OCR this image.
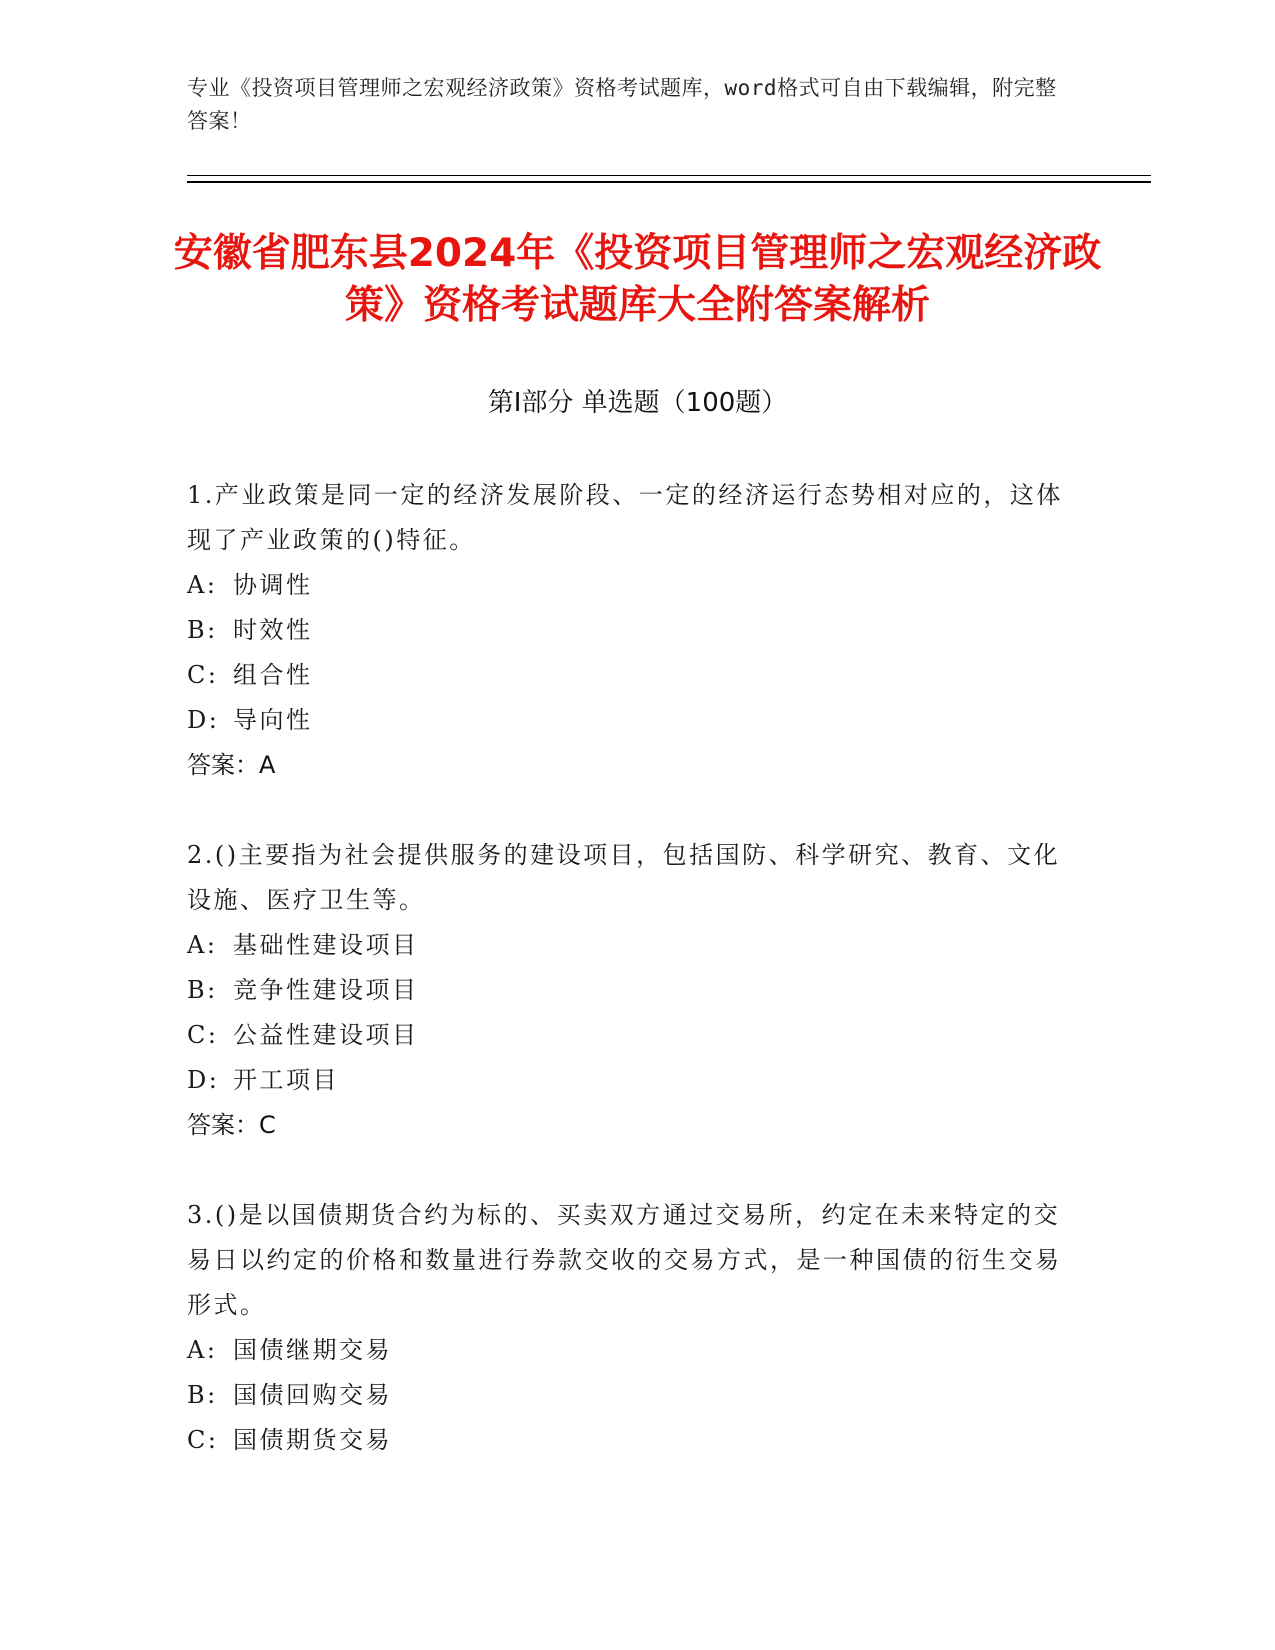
专业《投资项目管理师之宏观经济政策》资格考试题库，word格式可自由下载编辑，附完整答案！
安徽省肥东县2024年《投资项目管理师之宏观经济政策》资格考试题库大全附答案解析
第Ⅰ部分 单选题（100题）
1.产业政策是同一定的经济发展阶段、一定的经济运行态势相对应的，这体现了产业政策的()特征。
A: 协调性
B: 时效性
C: 组合性
D: 导向性
答案：A
2.()主要指为社会提供服务的建设项目，包括国防、科学研究、教育、文化设施、医疗卫生等。
A: 基础性建设项目
B: 竞争性建设项目
C: 公益性建设项目
D: 开工项目
答案：C
3.()是以国债期货合约为标的、买卖双方通过交易所，约定在未来特定的交易日以约定的价格和数量进行券款交收的交易方式，是一种国债的衍生交易形式。
A: 国债继期交易
B: 国债回购交易
C: 国债期货交易
